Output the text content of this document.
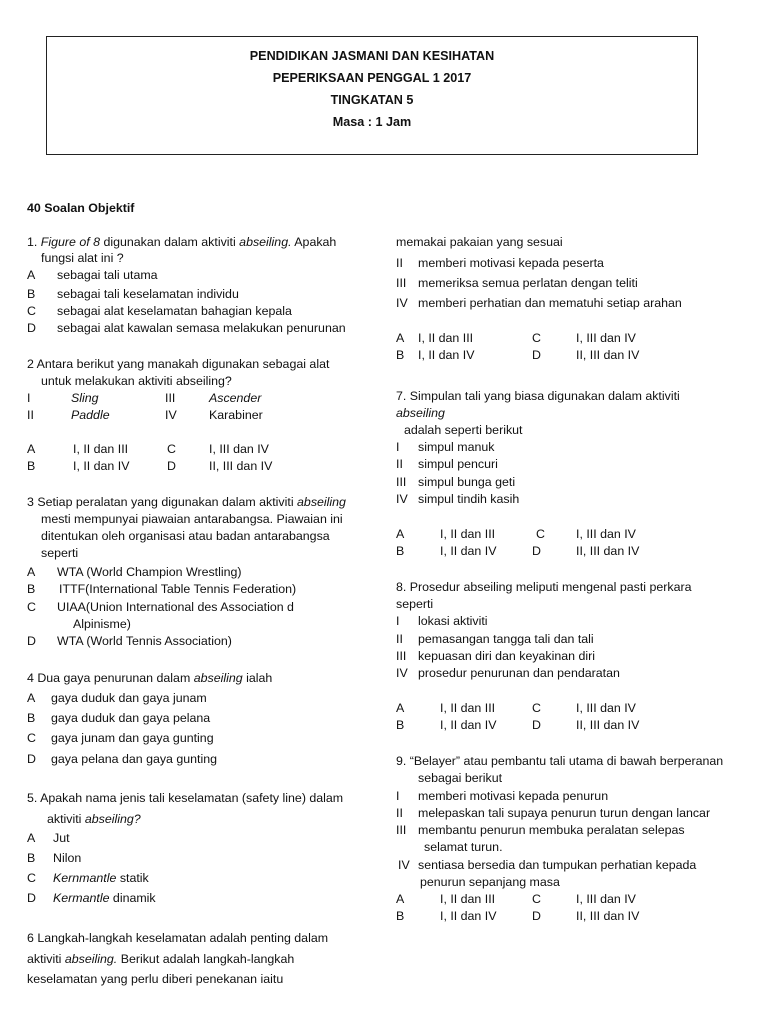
PENDIDIKAN JASMANI DAN KESIHATAN
PEPERIKSAAN PENGGAL 1 2017
TINGKATAN 5
Masa : 1 Jam
40 Soalan Objektif
1. Figure of 8 digunakan dalam aktiviti abseiling. Apakah
fungsi alat ini ?
A sebagai tali utama
B sebagai tali keselamatan individu
C sebagai alat keselamatan bahagian kepala
D sebagai alat kawalan semasa melakukan penurunan
2 Antara berikut yang manakah digunakan sebagai alat
untuk melakukan aktiviti abseiling?
I	Sling	III	Ascender
II	Paddle	IV	Karabiner
A	I, II dan III	C	I, III dan IV
B	I, II dan IV	D	II, III dan IV
3 Setiap peralatan yang digunakan dalam aktiviti abseiling
mesti mempunyai piawaian antarabangsa. Piawaian ini
ditentukan oleh organisasi atau badan antarabangsa
seperti
A WTA (World Champion Wrestling)
B ITTF(International Table Tennis Federation)
C UIAA(Union International des Association d
Alpinisme)
D WTA (World Tennis Association)
4 Dua gaya penurunan dalam abseiling ialah
A gaya duduk dan gaya junam
B gaya duduk dan gaya pelana
C gaya junam dan gaya gunting
D gaya pelana dan gaya gunting
5. Apakah nama jenis tali keselamatan (safety line) dalam
aktiviti abseiling?
A Jut
B Nilon
C Kernmantle statik
D Kermantle dinamik
6 Langkah-langkah keselamatan adalah penting dalam
aktiviti abseiling. Berikut adalah langkah-langkah
keselamatan yang perlu diberi penekanan iaitu
memakai pakaian yang sesuai
II memberi motivasi kepada peserta
III memeriksa semua perlatan dengan teliti
IV memberi perhatian dan mematuhi setiap arahan
A I, II dan III	C	I, III dan IV
B I, II dan IV	D	II, III dan IV
7. Simpulan tali yang biasa digunakan dalam aktiviti
abseiling
adalah seperti berikut
I simpul manuk
II simpul pencuri
III simpul bunga geti
IV simpul tindih kasih
A	I, II dan III	C	I, III dan IV
B	I, II dan IV	D	II, III dan IV
8. Prosedur abseiling meliputi mengenal pasti perkara
seperti
I lokasi aktiviti
II pemasangan tangga tali dan tali
III kepuasan diri dan keyakinan diri
IV prosedur penurunan dan pendaratan
A	I, II dan III	C	I, III dan IV
B	I, II dan IV	D	II, III dan IV
9. “Belayer” atau pembantu tali utama di bawah berperanan
sebagai berikut
I memberi motivasi kepada penurun
II melepaskan tali supaya penurun turun dengan lancar
III membantu penurun membuka peralatan selepas
selamat turun.
IV sentiasa bersedia dan tumpukan perhatian kepada
penurun sepanjang masa
A	I, II dan III	C	I, III dan IV
B	I, II dan IV	D	II, III dan IV
